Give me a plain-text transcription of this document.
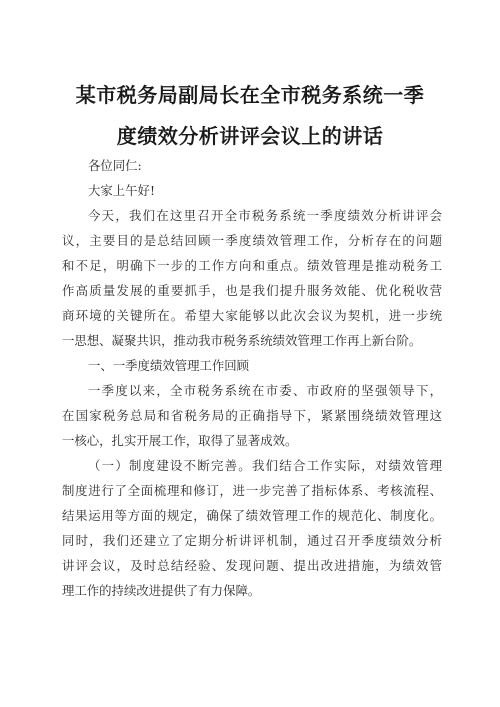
某市税务局副局长在全市税务系统一季
度绩效分析讲评会议上的讲话
各位同仁:
大家上午好!
今天，我们在这里召开全市税务系统一季度绩效分析讲评会
议，主要目的是总结回顾一季度绩效管理工作，分析存在的问题
和不足，明确下一步的工作方向和重点。绩效管理是推动税务工
作高质量发展的重要抓手，也是我们提升服务效能、优化税收营
商环境的关键所在。希望大家能够以此次会议为契机，进一步统
一思想、凝聚共识，推动我市税务系统绩效管理工作再上新台阶。
一、一季度绩效管理工作回顾
一季度以来，全市税务系统在市委、市政府的坚强领导下，
在国家税务总局和省税务局的正确指导下，紧紧围绕绩效管理这
一核心，扎实开展工作，取得了显著成效。
（一）制度建设不断完善。我们结合工作实际，对绩效管理
制度进行了全面梳理和修订，进一步完善了指标体系、考核流程、
结果运用等方面的规定，确保了绩效管理工作的规范化、制度化。
同时，我们还建立了定期分析讲评机制，通过召开季度绩效分析
讲评会议，及时总结经验、发现问题、提出改进措施，为绩效管
理工作的持续改进提供了有力保障。
